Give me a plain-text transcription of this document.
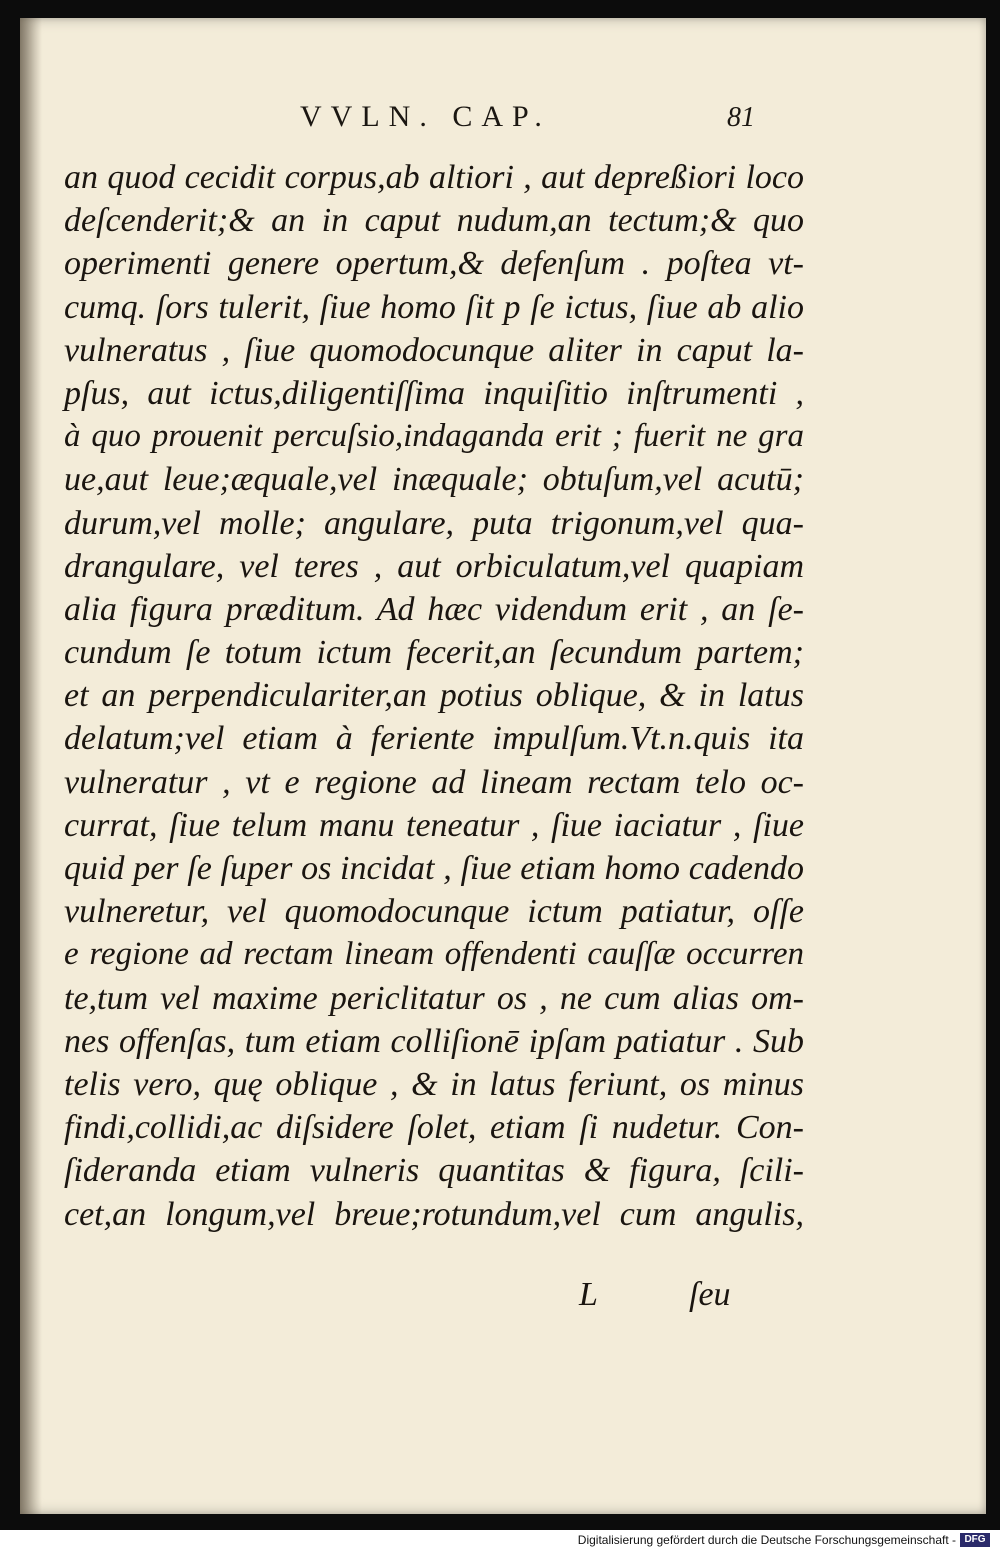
VVLN. CAP.	81
an quod cecidit corpus,ab altiori , aut depreßiori loco
deſcenderit;& an in caput nudum,an tectum;& quo
operimenti genere opertum,& defenſum . poſtea vt-
cumq. ſors tulerit, ſiue homo ſit p ſe ictus, ſiue ab alio
vulneratus , ſiue quomodocunque aliter in caput la-
pſus, aut ictus,diligentiſſima inquiſitio inſtrumenti ,
à quo prouenit percuſsio,indaganda erit ; fuerit ne gra
ue,aut leue;æquale,vel inæquale; obtuſum,vel acutū;
durum,vel molle; angulare, puta trigonum,vel qua-
drangulare, vel teres , aut orbiculatum,vel quapiam
alia figura præditum. Ad hæc videndum erit , an ſe-
cundum ſe totum ictum fecerit,an ſecundum partem;
et an perpendiculariter,an potius oblique, & in latus
delatum;vel etiam à feriente impulſum.Vt.n.quis ita
vulneratur , vt e regione ad lineam rectam telo oc-
currat, ſiue telum manu teneatur , ſiue iaciatur , ſiue
quid per ſe ſuper os incidat , ſiue etiam homo cadendo
vulneretur, vel quomodocunque ictum patiatur, oſſe
e regione ad rectam lineam offendenti cauſſæ occurren
te,tum vel maxime periclitatur os , ne cum alias om-
nes offenſas, tum etiam colliſionē ipſam patiatur . Sub
telis vero, quę oblique , & in latus feriunt, os minus
findi,collidi,ac diſsidere ſolet, etiam ſi nudetur. Con-
ſideranda etiam vulneris quantitas & figura, ſcili-
cet,an longum,vel breue;rotundum,vel cum angulis,
L	ſeu
Digitalisierung gefördert durch die Deutsche Forschungsgemeinschaft - DFG
